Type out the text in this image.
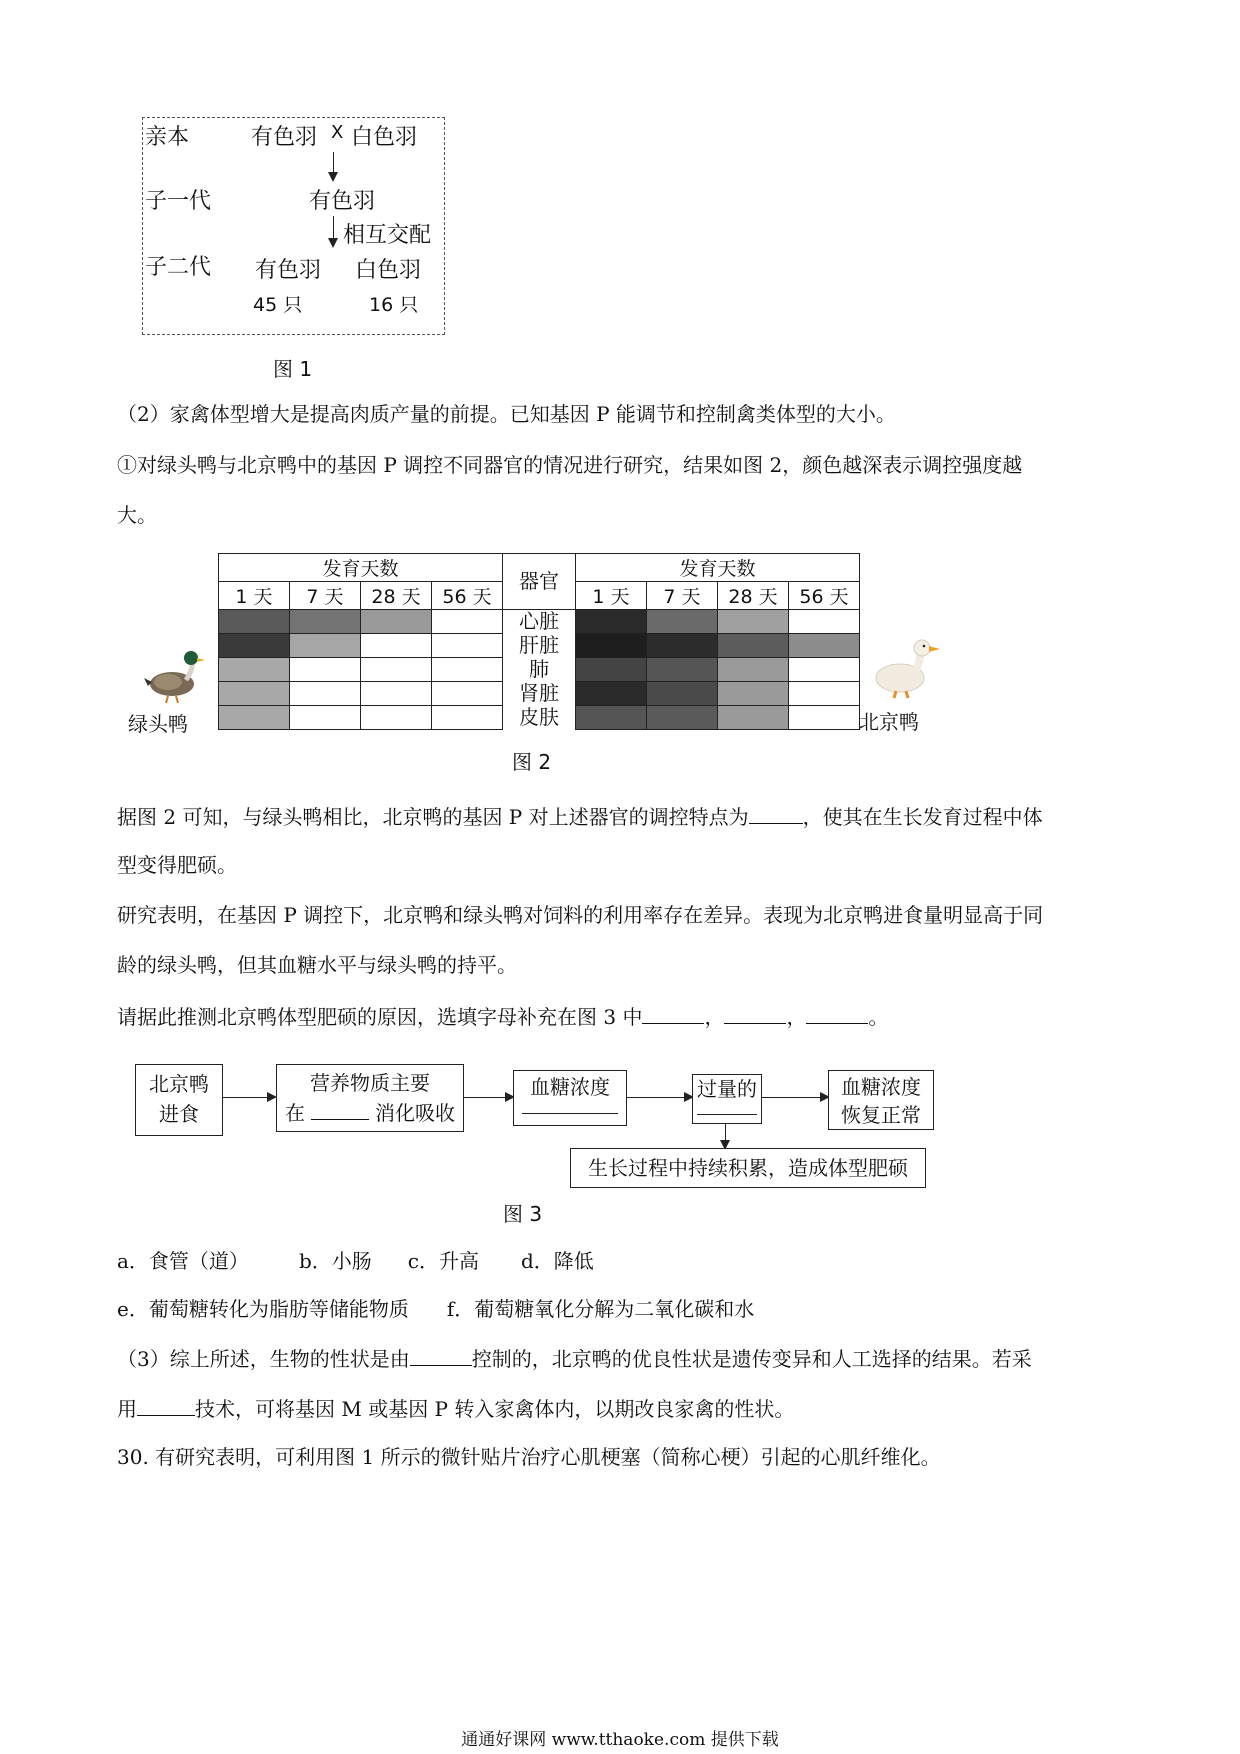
亲本	有色羽 X 白色羽
子一代	有色羽
相互交配
子二代 有色羽 白色羽
45 只	16 只
图 1
（2）家禽体型增大是提高肉质产量的前提。已知基因 P 能调节和控制禽类体型的大小。
①对绿头鸭与北京鸭中的基因 P 调控不同器官的情况进行研究，结果如图 2，颜色越深表示调控强度越
大。
发育天数				器官	发育天数			
1 天	7 天	28 天	56 天		1 天	7 天	28 天	56 天
				心脏				
				肝脏				
				肺				
				肾脏				
				皮肤				
绿头鸭	北京鸭
图 2
据图 2 可知，与绿头鸭相比，北京鸭的基因 P 对上述器官的调控特点为	，使其在生长发育过程中体
型变得肥硕。
研究表明，在基因 P 调控下，北京鸭和绿头鸭对饲料的利用率存在差异。表现为北京鸭进食量明显高于同
龄的绿头鸭，但其血糖水平与绿头鸭的持平。
请据此推测北京鸭体型肥硕的原因，选填字母补充在图 3 中	，	，	。
北京鸭
进食
营养物质主要
在	消化吸收
血糖浓度	过量的	血糖浓度
恢复正常
生长过程中持续积累，造成体型肥硕
图 3
a．食管（道）	b．小肠 c．升高 d．降低
e．葡萄糖转化为脂肪等储能物质 f．葡萄糖氧化分解为二氧化碳和水
（3）综上所述，生物的性状是由	控制的，北京鸭的优良性状是遗传变异和人工选择的结果。若采
用	技术，可将基因 M 或基因 P 转入家禽体内，以期改良家禽的性状。
30. 有研究表明，可利用图 1 所示的微针贴片治疗心肌梗塞（简称心梗）引起的心肌纤维化。
通通好课网 www.tthaoke.com 提供下载
